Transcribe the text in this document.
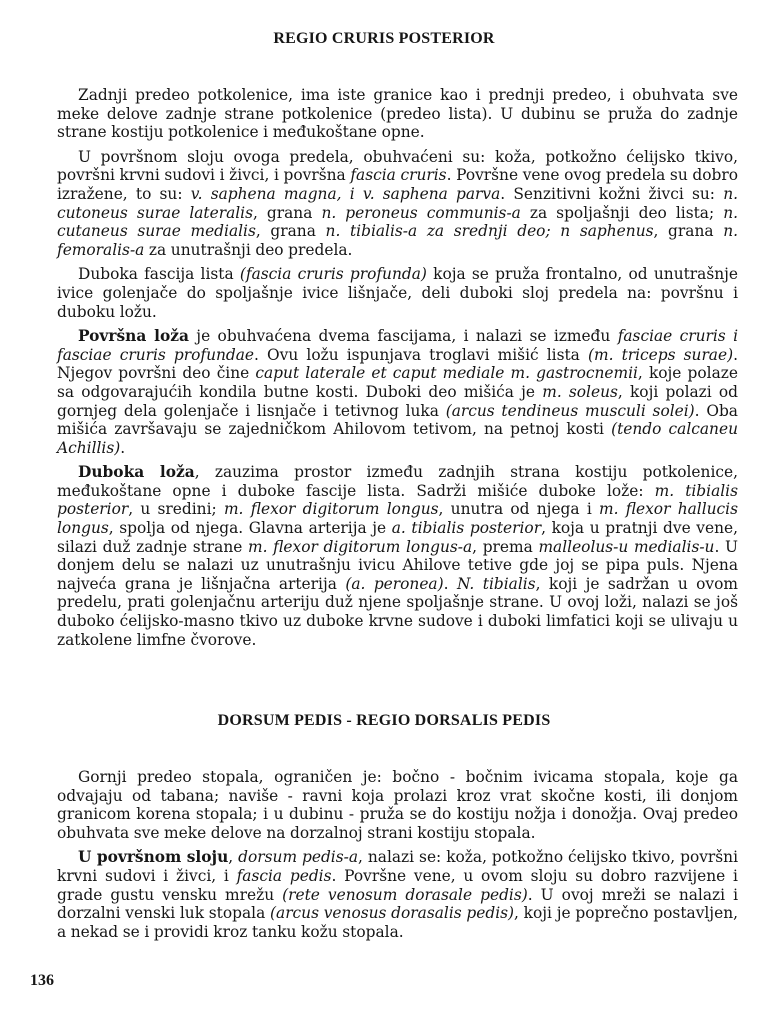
REGIO CRURIS POSTERIOR

Zadnji predeo potkolenice, ima iste granice kao i prednji predeo, i obuhvata sve meke delove zadnje strane potkolenice (predeo lista). U dubinu se pruža do zadnje strane kostiju potkolenice i međukoštane opne.

U površnom sloju ovoga predela, obuhvaćeni su: koža, potkožno ćelijsko tkivo, površni krvni sudovi i živci, i površna fascia cruris. Površne vene ovog predela su dobro izražene, to su: v. saphena magna, i v. saphena parva. Senzitivni kožni živci su: n. cutoneus surae lateralis, grana n. peroneus communis-a za spoljašnji deo lista; n. cutaneus surae medialis, grana n. tibialis-a za srednji deo; n saphenus, grana n. femoralis-a za unutrašnji deo predela.

Duboka fascija lista (fascia cruris profunda) koja se pruža frontalno, od unutrašnje ivice golenjače do spoljašnje ivice lišnjače, deli duboki sloj predela na: površnu i duboku ložu.

Površna loža je obuhvaćena dvema fascijama, i nalazi se između fasciae cruris i fasciae cruris profundae. Ovu ložu ispunjava troglavi mišić lista (m. triceps surae). Njegov površni deo čine caput laterale et caput mediale m. gastrocnemii, koje polaze sa odgovarajućih kondila butne kosti. Duboki deo mišića je m. soleus, koji polazi od gornjeg dela golenjače i lisnjače i tetivnog luka (arcus tendineus musculi solei). Oba mišića završavaju se zajedničkom Ahilovom tetivom, na petnoj kosti (tendo calcaneu Achillis).

Duboka loža, zauzima prostor između zadnjih strana kostiju potkolenice, međukoštane opne i duboke fascije lista. Sadrži mišiće duboke lože: m. tibialis posterior, u sredini; m. flexor digitorum longus, unutra od njega i m. flexor hallucis longus, spolja od njega. Glavna arterija je a. tibialis posterior, koja u pratnji dve vene, silazi duž zadnje strane m. flexor digitorum longus-a, prema malleolus-u medialis-u. U donjem delu se nalazi uz unutrašnju ivicu Ahilove tetive gde joj se pipa puls. Njena najveća grana je lišnjačna arterija (a. peronea). N. tibialis, koji je sadržan u ovom predelu, prati golenjačnu arteriju duž njene spoljašnje strane. U ovoj loži, nalazi se još duboko ćelijsko-masno tkivo uz duboke krvne sudove i duboki limfatici koji se ulivaju u zatkolene limfne čvorove.

DORSUM PEDIS - REGIO DORSALIS PEDIS

Gornji predeo stopala, ograničen je: bočno - bočnim ivicama stopala, koje ga odvajaju od tabana; naviše - ravni koja prolazi kroz vrat skočne kosti, ili donjom granicom korena stopala; i u dubinu - pruža se do kostiju nožja i donožja. Ovaj predeo obuhvata sve meke delove na dorzalnoj strani kostiju stopala.

U površnom sloju, dorsum pedis-a, nalazi se: koža, potkožno ćelijsko tkivo, površni krvni sudovi i živci, i fascia pedis. Površne vene, u ovom sloju su dobro razvijene i grade gustu vensku mrežu (rete venosum dorasale pedis). U ovoj mreži se nalazi i dorzalni venski luk stopala (arcus venosus dorasalis pedis), koji je poprečno postavljen, a nekad se i providi kroz tanku kožu stopala.

136
